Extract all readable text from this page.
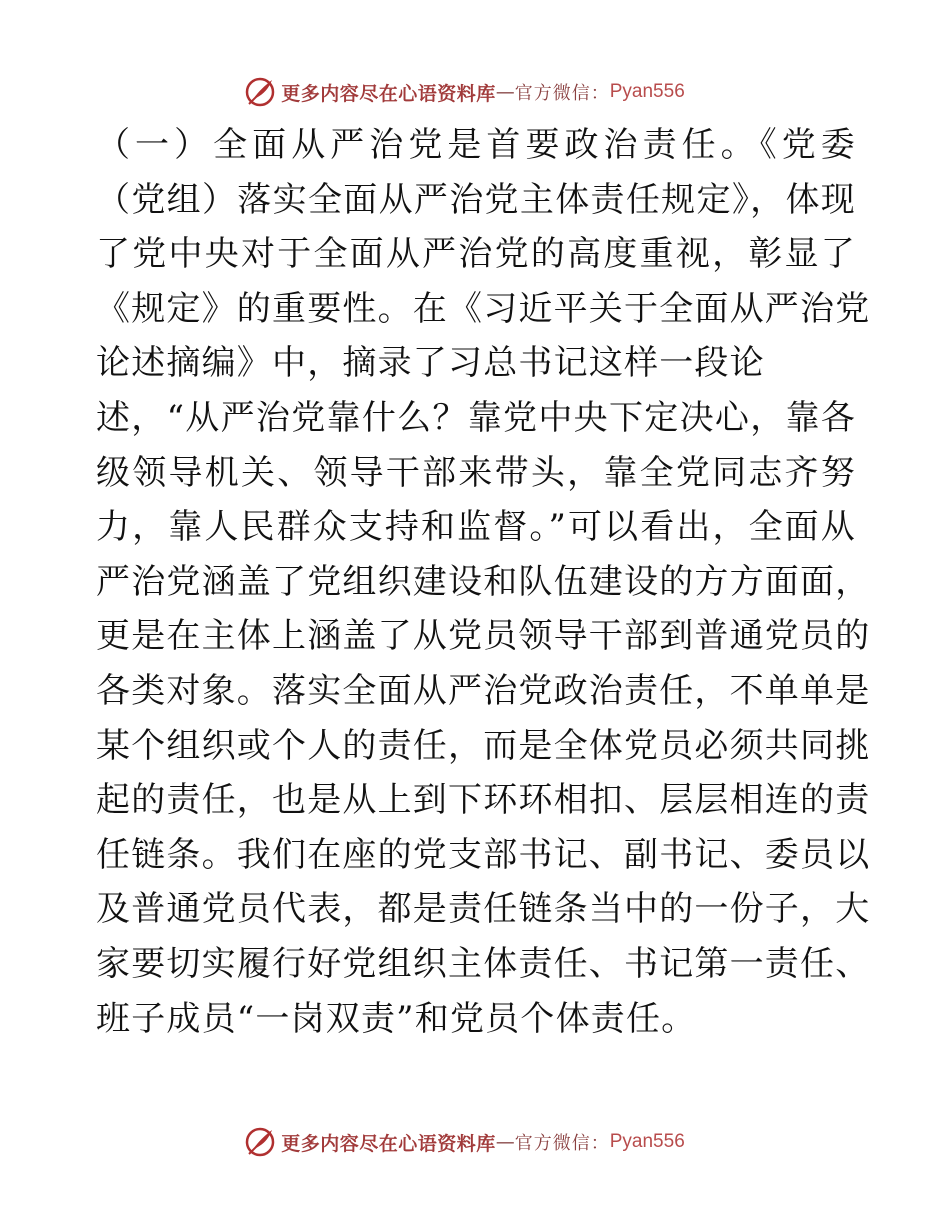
更多内容尽在心语资料库 — 官方微信： Pyan556
（一）全面从严治党是首要政治责任。《党委
（党组）落实全面从严治党主体责任规定》，体现
了党中央对于全面从严治党的高度重视，彰显了
《规定》的重要性。在《习近平关于全面从严治党
论述摘编》中，摘录了习总书记这样一段论
述，“从严治党靠什么？靠党中央下定决心，靠各
级领导机关、领导干部来带头，靠全党同志齐努
力，靠人民群众支持和监督。”可以看出，全面从
严治党涵盖了党组织建设和队伍建设的方方面面，
更是在主体上涵盖了从党员领导干部到普通党员的
各类对象。落实全面从严治党政治责任，不单单是
某个组织或个人的责任，而是全体党员必须共同挑
起的责任，也是从上到下环环相扣、层层相连的责
任链条。我们在座的党支部书记、副书记、委员以
及普通党员代表，都是责任链条当中的一份子，大
家要切实履行好党组织主体责任、书记第一责任、
班子成员“一岗双责”和党员个体责任。
更多内容尽在心语资料库 — 官方微信： Pyan556
